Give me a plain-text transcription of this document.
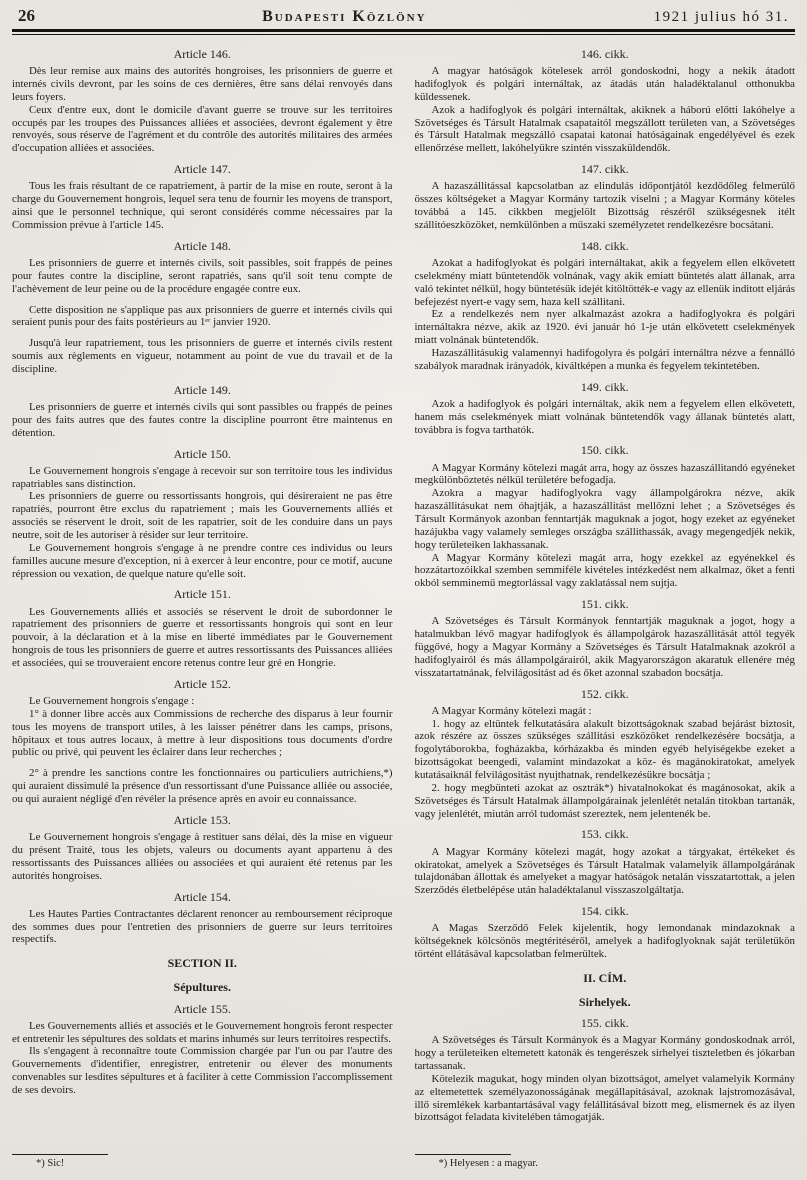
26	Budapesti Közlöny	1921 julius hó 31.

Article 146.

Dès leur remise aux mains des autorités hongroises, les prisonniers de guerre et internés civils devront, par les soins de ces dernières, être sans délai renvoyés dans leurs foyers.

Ceux d'entre eux, dont le domicile d'avant guerre se trouve sur les territoires occupés par les troupes des Puissances alliées et associées, devront également y être renvoyés, sous réserve de l'agrément et du contrôle des autorités militaires des armées d'occupation alliées et associées.

Article 147.

Tous les frais résultant de ce rapatriement, à partir de la mise en route, seront à la charge du Gouvernement hongrois, lequel sera tenu de fournir les moyens de transport, ainsi que le personnel technique, qui seront considérés comme nécessaires par la Commission prévue à l'article 145.

Article 148.

Les prisonniers de guerre et internés civils, soit passibles, soit frappés de peines pour fautes contre la discipline, seront rapatriés, sans qu'il soit tenu compte de l'achèvement de leur peine ou de la procédure engagée contre eux.

Cette disposition ne s'applique pas aux prisonniers de guerre et internés civils qui seraient punis pour des faits postérieurs au 1ᵉʳ janvier 1920.

Jusqu'à leur rapatriement, tous les prisonniers de guerre et internés civils restent soumis aux règlements en vigueur, notamment au point de vue du travail et de la discipline.

Article 149.

Les prisonniers de guerre et internés civils qui sont passibles ou frappés de peines pour des faits autres que des fautes contre la discipline pourront être maintenus en détention.

Article 150.

Le Gouvernement hongrois s'engage à recevoir sur son territoire tous les individus rapatriables sans distinction.

Les prisonniers de guerre ou ressortissants hongrois, qui désireraient ne pas être rapatriés, pourront être exclus du rapatriement ; mais les Gouvernements alliés et associés se réservent le droit, soit de les rapatrier, soit de les conduire dans un pays neutre, soit de les autoriser à résider sur leur territoire.

Le Gouvernement hongrois s'engage à ne prendre contre ces individus ou leurs familles aucune mesure d'exception, ni à exercer à leur encontre, pour ce motif, aucune répression ou vexation, de quelque nature qu'elle soit.

Article 151.

Les Gouvernements alliés et associés se réservent le droit de subordonner le rapatriement des prisonniers de guerre et ressortissants hongrois qui sont en leur pouvoir, à la déclaration et à la mise en liberté immédiates par le Gouvernement hongrois de tous les prisonniers de guerre et autres ressortissants des Puissances alliées et associées, qui se trouveraient encore retenus contre leur gré en Hongrie.

Article 152.

Le Gouvernement hongrois s'engage :

1° à donner libre accès aux Commissions de recherche des disparus à leur fournir tous les moyens de transport utiles, à les laisser pénétrer dans les camps, prisons, hôpitaux et tous autres locaux, à mettre à leur dispositions tous documents d'ordre public ou privé, qui peuvent les éclairer dans leur recherches ;

2° à prendre les sanctions contre les fonctionnaires ou particuliers autrichiens,*) qui auraient dissimulé la présence d'un ressortissant d'une Puissance alliée ou associée, ou qui auraient négligé d'en révéler la présence après en avoir eu connaissance.

Article 153.

Le Gouvernement hongrois s'engage à restituer sans délai, dès la mise en vigueur du présent Traité, tous les objets, valeurs ou documents ayant appartenu à des ressortissants des Puissances alliées ou associées et qui auraient été retenus par les autorités hongroises.

Article 154.

Les Hautes Parties Contractantes déclarent renoncer au remboursement réciproque des sommes dues pour l'entretien des prisonniers de guerre sur leurs territoires respectifs.

SECTION II.

Sépultures.

Article 155.

Les Gouvernements alliés et associés et le Gouvernement hongrois feront respecter et entretenir les sépultures des soldats et marins inhumés sur leurs territoires respectifs.

Ils s'engagent à reconnaître toute Commission chargée par l'un ou par l'autre des Gouvernements d'identifier, enregistrer, entretenir ou élever des monuments convenables sur lesdites sépultures et à faciliter à cette Commission l'accomplissement de ses devoirs.

*) Sic!

146. cikk.

A magyar hatóságok kötelesek arról gondoskodni, hogy a nekik átadott hadifoglyok és polgári internáltak, az átadás után haladéktalanul otthonukba küldessenek.

Azok a hadifoglyok és polgári internáltak, akiknek a háború előtti lakóhelye a Szövetséges és Társult Hatalmak csapataitól megszállott területen van, a Szövetséges és Társult Hatalmak megszálló csapatai katonai hatóságainak engedélyével és ezek ellenőrzése mellett, lakóhelyükre szintén visszaküldendők.

147. cikk.

A hazaszállitással kapcsolatban az elindulás időpontjától kezdődőleg felmerülő összes költségeket a Magyar Kormány tartozik viselni ; a Magyar Kormány köteles továbbá a 145. cikkben megjelölt Bizottság részéről szükségesnek itélt szállitóeszközöket, nemkülönben a műszaki személyzetet rendelkezésre bocsátani.

148. cikk.

Azokat a hadifoglyokat és polgári internáltakat, akik a fegyelem ellen elkövetett cselekmény miatt büntetendők volnának, vagy akik emiatt büntetés alatt állanak, arra való tekintet nélkül, hogy büntetésük idejét kitöltötték-e vagy az ellenük inditott eljárás befejezést nyert-e vagy sem, haza kell szállitani.

Ez a rendelkezés nem nyer alkalmazást azokra a hadifoglyokra és polgári internáltakra nézve, akik az 1920. évi január hó 1-je után elkövetett cselekmények miatt volnának büntetendők.

Hazaszállitásukig valamennyi hadifogolyra és polgári internáltra nézve a fennálló szabályok maradnak irányadók, kiváltképen a munka és fegyelem tekintetében.

149. cikk.

Azok a hadifoglyok és polgári internáltak, akik nem a fegyelem ellen elkövetett, hanem más cselekmények miatt volnának büntetendők vagy állanak büntetés alatt, továbbra is fogva tarthatók.

150. cikk.

A Magyar Kormány kötelezi magát arra, hogy az összes hazaszállitandó egyéneket megkülönböztetés nélkül területére befogadja.

Azokra a magyar hadifoglyokra vagy állampolgárokra nézve, akik hazaszállitásukat nem óhajtják, a hazaszállitást mellőzni lehet ; a Szövetséges és Társult Kormányok azonban fenntartják maguknak a jogot, hogy ezeket az egyéneket hazájukba vagy valamely semleges országba szállithassák, avagy megengedjék nekik, hogy területeiken lakhassanak.

A Magyar Kormány kötelezi magát arra, hogy ezekkel az egyénekkel és hozzátartozóikkal szemben semmiféle kivételes intézkedést nem alkalmaz, őket a fenti okból semminemű megtorlással vagy zaklatással nem sujtja.

151. cikk.

A Szövetséges és Társult Kormányok fenntartják maguknak a jogot, hogy a hatalmukban lévő magyar hadifoglyok és állampolgárok hazaszállitását attól tegyék függővé, hogy a Magyar Kormány a Szövetséges és Társult Hatalmaknak azokról a hadifoglyairól és más állampolgárairól, akik Magyarországon akaratuk ellenére még visszatartatnának, felvilágositást ad és őket azonnal szabadon bocsátja.

152. cikk.

A Magyar Kormány kötelezi magát :

1. hogy az eltüntek felkutatására alakult bizottságoknak szabad bejárást biztosit, azok részére az összes szükséges szállitási eszközöket rendelkezésére bocsátja, a fogolytáborokba, fogházakba, kórházakba és minden egyéb helyiségekbe ezeket a bizottságokat beengedi, valamint mindazokat a köz- és magánokiratokat, amelyek kutatásaiknál felvilágositást nyujthatnak, rendelkezésükre bocsátja ;

2. hogy megbünteti azokat az osztrák*) hivatalnokokat és magánosokat, akik a Szövetséges és Társult Hatalmak állampolgárainak jelenlétét netalán titokban tartanák, vagy jelenlétét, miután arról tudomást szereztek, nem jelentenék be.

153. cikk.

A Magyar Kormány kötelezi magát, hogy azokat a tárgyakat, értékeket és okiratokat, amelyek a Szövetséges és Társult Hatalmak valamelyik állampolgárának tulajdonában állottak és amelyeket a magyar hatóságok netalán visszatartottak, a jelen Szerződés életbelépése után haladéktalanul visszaszolgáltatja.

154. cikk.

A Magas Szerződő Felek kijelentik, hogy lemondanak mindazoknak a költségeknek kölcsönös megtéritéséről, amelyek a hadifoglyoknak saját területükön történt ellátásával kapcsolatban felmerültek.

II. CÍM.

Sirhelyek.

155. cikk.

A Szövetséges és Társult Kormányok és a Magyar Kormány gondoskodnak arról, hogy a területeiken eltemetett katonák és tengerészek sirhelyei tiszteletben és jókarban tartassanak.

Kötelezik magukat, hogy minden olyan bizottságot, amelyet valamelyik Kormány az eltemetettek személyazonosságának megállapitásával, azoknak lajstromozásával, illő siremlékek karbantartásával vagy felállitásával bizott meg, elismernek és az ilyen bizottságot feladata kivitelében támogatják.

*) Helyesen : a magyar.
